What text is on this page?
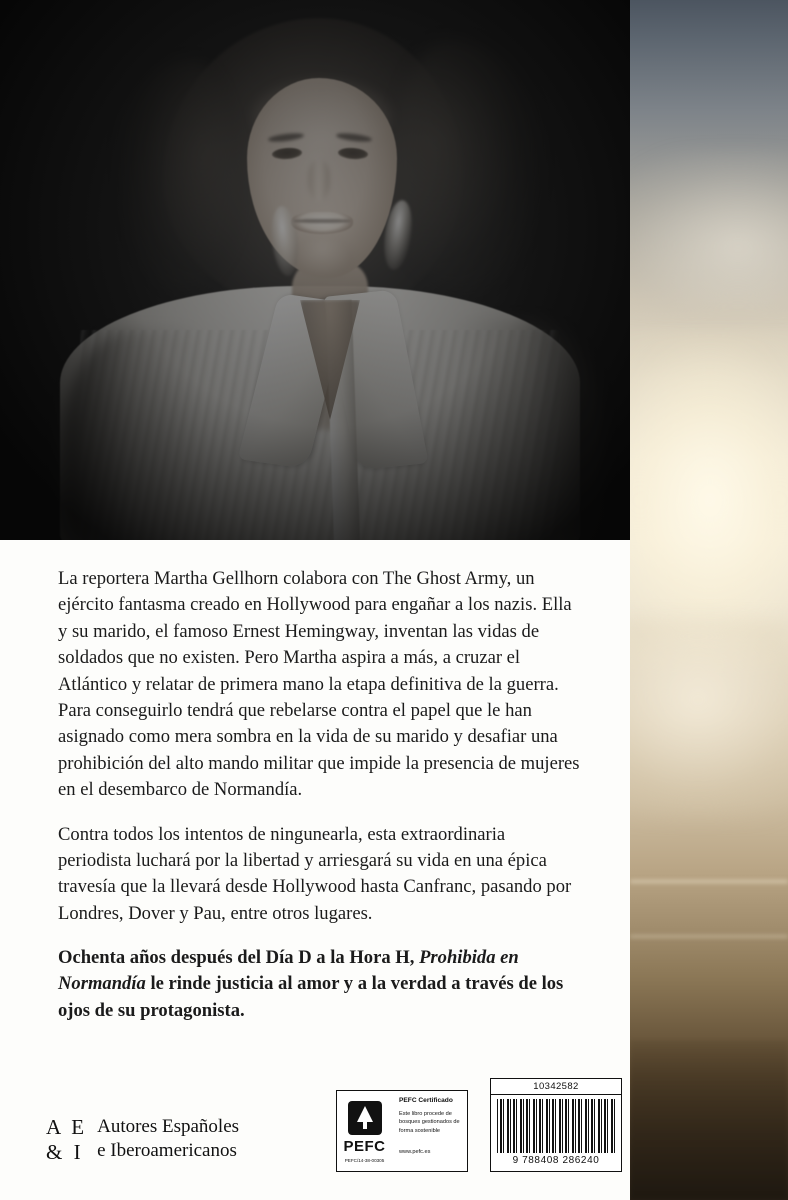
La reportera Martha Gellhorn colabora con The Ghost Army, un ejército fantasma creado en Hollywood para engañar a los nazis. Ella y su marido, el famoso Ernest Hemingway, inventan las vidas de soldados que no existen. Pero Martha aspira a más, a cruzar el Atlántico y relatar de primera mano la etapa definitiva de la guerra. Para conseguirlo tendrá que rebelarse contra el papel que le han asignado como mera sombra en la vida de su marido y desafiar una prohibición del alto mando militar que impide la presencia de mujeres en el desembarco de Normandía.

Contra todos los intentos de ningunearla, esta extraordinaria periodista luchará por la libertad y arriesgará su vida en una épica travesía que la llevará desde Hollywood hasta Canfranc, pasando por Londres, Dover y Pau, entre otros lugares.

Ochenta años después del Día D a la Hora H, Prohibida en Normandía le rinde justicia al amor y a la verdad a través de los ojos de su protagonista.

A E
& I
Autores Españoles
e Iberoamericanos	PEFC
PEFC/14-38-00305
PEFC Certificado
Este libro procede de bosques gestionados de forma sostenible
www.pefc.es
10342582
9 788408 286240
